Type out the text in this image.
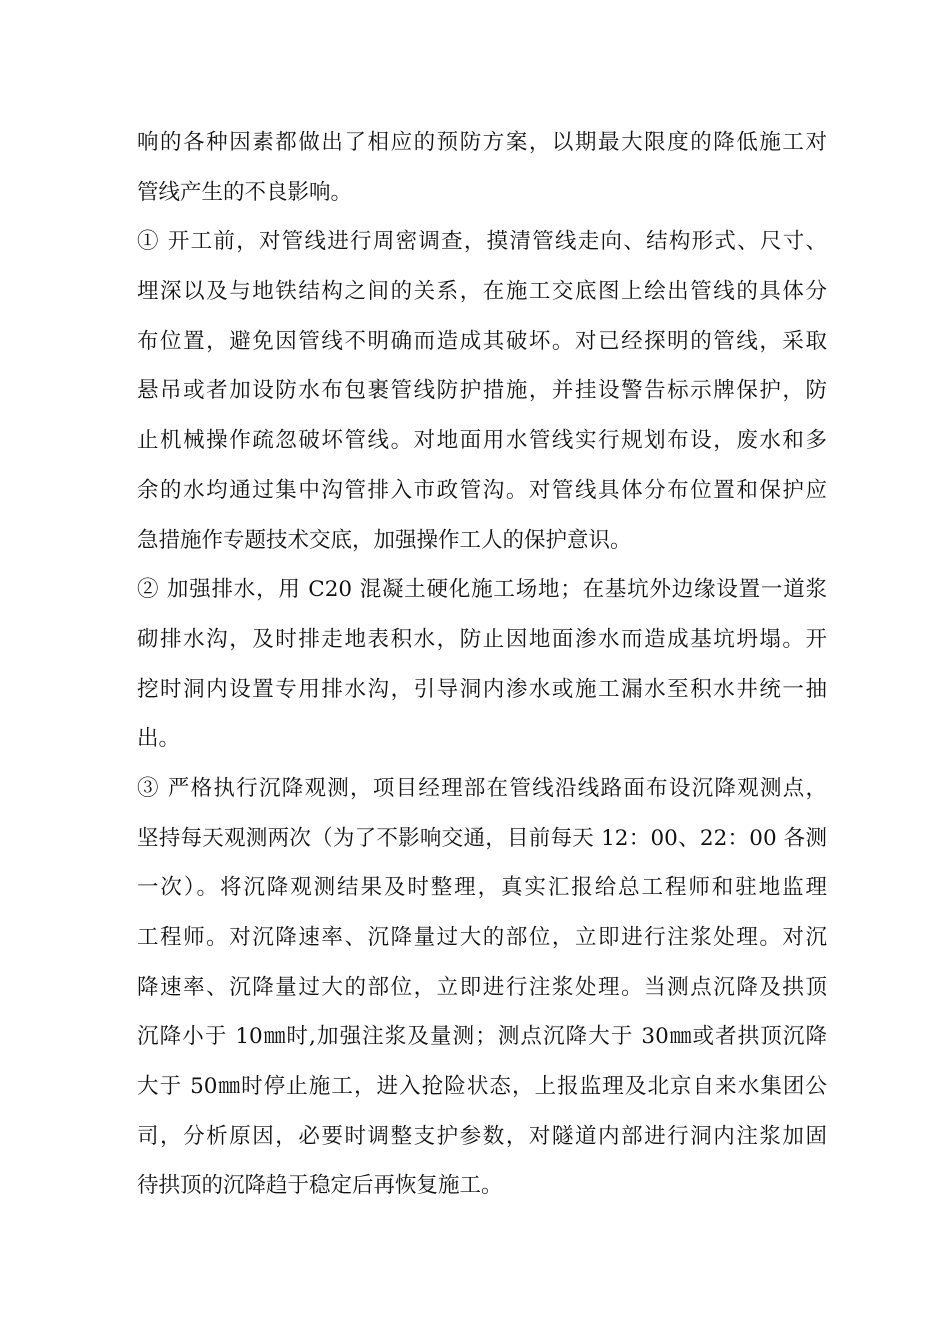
响的各种因素都做出了相应的预防方案，以期最大限度的降低施工对
管线产生的不良影响。
① 开工前，对管线进行周密调查，摸清管线走向、结构形式、尺寸、
埋深以及与地铁结构之间的关系，在施工交底图上绘出管线的具体分
布位置，避免因管线不明确而造成其破坏。对已经探明的管线，采取
悬吊或者加设防水布包裹管线防护措施，并挂设警告标示牌保护，防
止机械操作疏忽破坏管线。对地面用水管线实行规划布设，废水和多
余的水均通过集中沟管排入市政管沟。对管线具体分布位置和保护应
急措施作专题技术交底，加强操作工人的保护意识。
② 加强排水，用 C20 混凝土硬化施工场地；在基坑外边缘设置一道浆
砌排水沟，及时排走地表积水，防止因地面渗水而造成基坑坍塌。开
挖时洞内设置专用排水沟，引导洞内渗水或施工漏水至积水井统一抽
出。
③ 严格执行沉降观测，项目经理部在管线沿线路面布设沉降观测点，
坚持每天观测两次（为了不影响交通，目前每天 12：00、22：00 各测
一次）。将沉降观测结果及时整理，真实汇报给总工程师和驻地监理
工程师。对沉降速率、沉降量过大的部位，立即进行注浆处理。对沉
降速率、沉降量过大的部位，立即进行注浆处理。当测点沉降及拱顶
沉降小于 10㎜时,加强注浆及量测；测点沉降大于 30㎜或者拱顶沉降
大于 50㎜时停止施工，进入抢险状态，上报监理及北京自来水集团公
司，分析原因，必要时调整支护参数，对隧道内部进行洞内注浆加固
待拱顶的沉降趋于稳定后再恢复施工。
